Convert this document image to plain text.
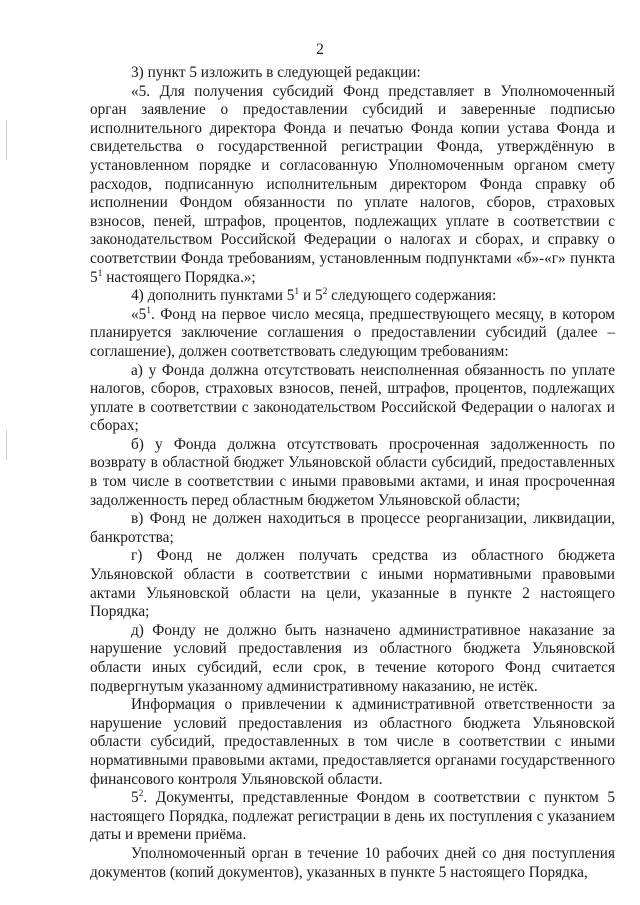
2

3) пункт 5 изложить в следующей редакции:

«5. Для получения субсидий Фонд представляет в Уполномоченный орган заявление о предоставлении субсидий и заверенные подписью исполнительного директора Фонда и печатью Фонда копии устава Фонда и свидетельства о государственной регистрации Фонда, утверждённую в установленном порядке и согласованную Уполномоченным органом смету расходов, подписанную исполнительным директором Фонда справку об исполнении Фондом обязанности по уплате налогов, сборов, страховых взносов, пеней, штрафов, процентов, подлежащих уплате в соответствии с законодательством Российской Федерации о налогах и сборах, и справку о соответствии Фонда требованиям, установленным подпунктами «б»-«г» пункта $5^1$ настоящего Порядка.»;

4) дополнить пунктами $5^1$ и $5^2$ следующего содержания:

«$5^1$. Фонд на первое число месяца, предшествующего месяцу, в котором планируется заключение соглашения о предоставлении субсидий (далее – соглашение), должен соответствовать следующим требованиям:

а) у Фонда должна отсутствовать неисполненная обязанность по уплате налогов, сборов, страховых взносов, пеней, штрафов, процентов, подлежащих уплате в соответствии с законодательством Российской Федерации о налогах и сборах;

б) у Фонда должна отсутствовать просроченная задолженность по возврату в областной бюджет Ульяновской области субсидий, предоставленных в том числе в соответствии с иными правовыми актами, и иная просроченная задолженность перед областным бюджетом Ульяновской области;

в) Фонд не должен находиться в процессе реорганизации, ликвидации, банкротства;

г) Фонд не должен получать средства из областного бюджета Ульяновской области в соответствии с иными нормативными правовыми актами Ульяновской области на цели, указанные в пункте 2 настоящего Порядка;

д) Фонду не должно быть назначено административное наказание за нарушение условий предоставления из областного бюджета Ульяновской области иных субсидий, если срок, в течение которого Фонд считается подвергнутым указанному административному наказанию, не истёк.

Информация о привлечении к административной ответственности за нарушение условий предоставления из областного бюджета Ульяновской области субсидий, предоставленных в том числе в соответствии с иными нормативными правовыми актами, предоставляется органами государственного финансового контроля Ульяновской области.

$5^2$. Документы, представленные Фондом в соответствии с пунктом 5 настоящего Порядка, подлежат регистрации в день их поступления с указанием даты и времени приёма.

Уполномоченный орган в течение 10 рабочих дней со дня поступления документов (копий документов), указанных в пункте 5 настоящего Порядка,
